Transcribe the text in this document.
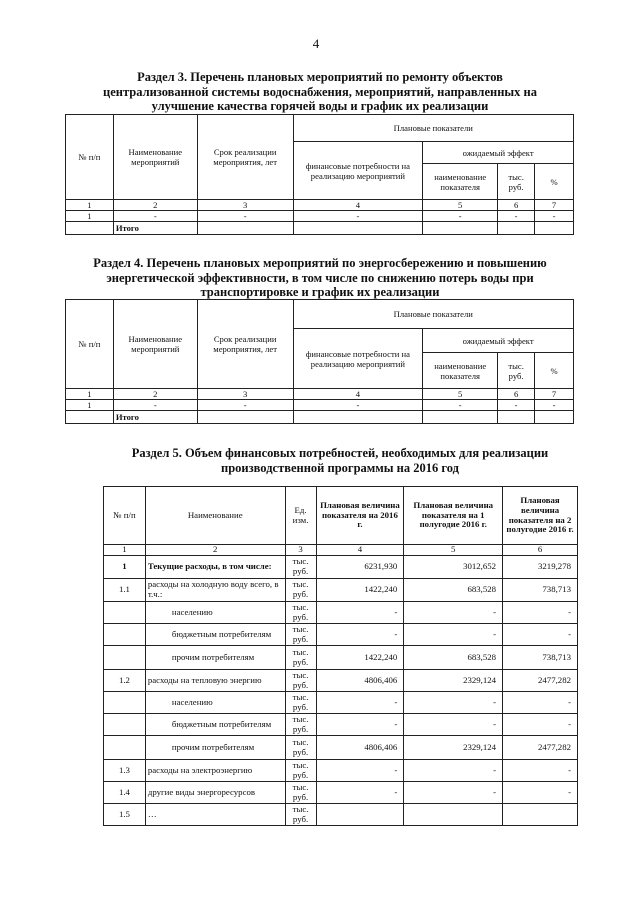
4
Раздел 3. Перечень плановых мероприятий по ремонту объектов
централизованной системы водоснабжения, мероприятий, направленных на
улучшение качества горячей воды и график их реализации
№ п/п	Наименование мероприятий	Срок реализации мероприятия, лет	Плановые показатели			
			финансовые потребности на реализацию мероприятий	ожидаемый эффект		
				наименование показателя	тыс. руб.	%
1	2	3	4	5	6	7
1	-	-	-	-	-	-
	Итого					
Раздел 4. Перечень плановых мероприятий по энергосбережению и повышению
энергетической эффективности, в том числе по снижению потерь воды при
транспортировке и график их реализации
№ п/п	Наименование мероприятий	Срок реализации мероприятия, лет	Плановые показатели			
			финансовые потребности на реализацию мероприятий	ожидаемый эффект		
				наименование показателя	тыс. руб.	%
1	2	3	4	5	6	7
1	-	-	-	-	-	-
	Итого					
Раздел 5. Объем финансовых потребностей, необходимых для реализации
производственной программы на 2016 год
№ п/п	Наименование	Ед. изм.	Плановая величина показателя на 2016 г.	Плановая величина показателя на 1 полугодие 2016 г.	Плановая величина показателя на 2 полугодие 2016 г.
1	2	3	4	5	6
1	Текущие расходы, в том числе:	тыс. руб.	6231,930	3012,652	3219,278
1.1	расходы на холодную воду всего, в т.ч.:	тыс. руб.	1422,240	683,528	738,713
	населению	тыс. руб.	-	-	-
	бюджетным потребителям	тыс. руб.	-	-	-
	прочим потребителям	тыс. руб.	1422,240	683,528	738,713
1.2	расходы на тепловую энергию	тыс. руб.	4806,406	2329,124	2477,282
	населению	тыс. руб.	-	-	-
	бюджетным потребителям	тыс. руб.	-	-	-
	прочим потребителям	тыс. руб.	4806,406	2329,124	2477,282
1.3	расходы на электроэнергию	тыс. руб.	-	-	-
1.4	другие виды энергоресурсов	тыс. руб.	-	-	-
1.5	…	тыс. руб.			
